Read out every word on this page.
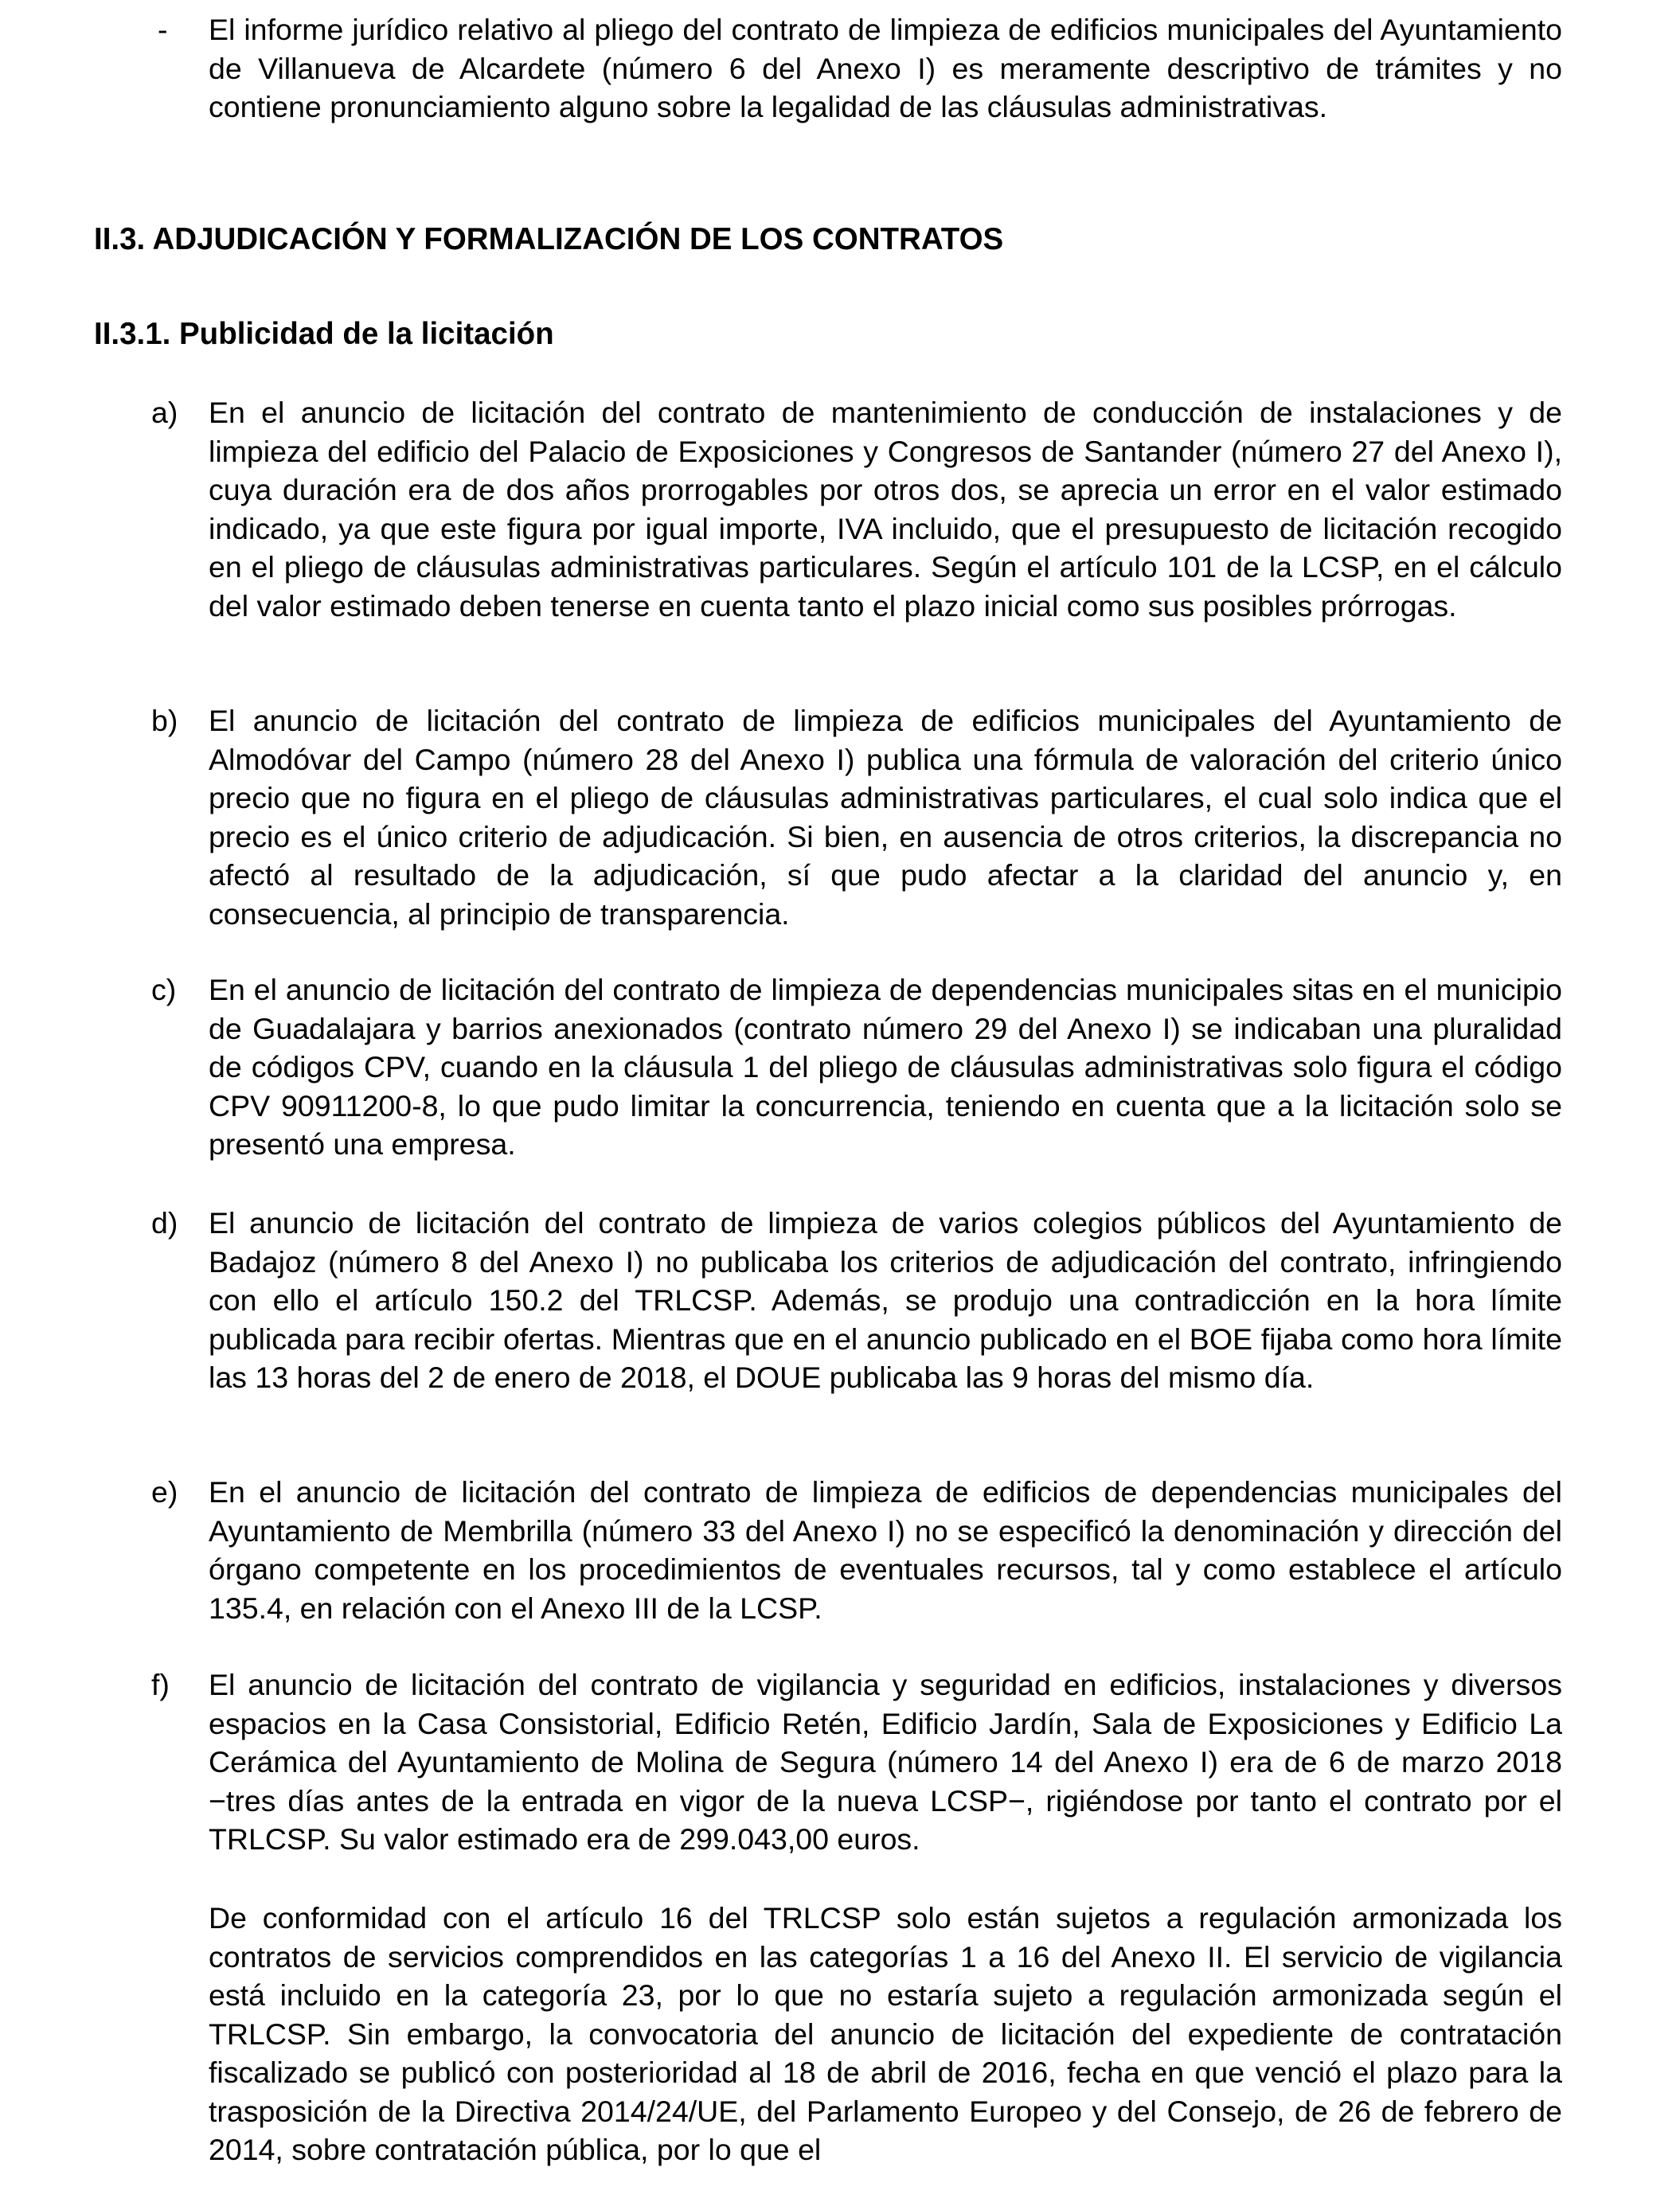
-	El informe jurídico relativo al pliego del contrato de limpieza de edificios municipales del Ayuntamiento de Villanueva de Alcardete (número 6 del Anexo I) es meramente descriptivo de trámites y no contiene pronunciamiento alguno sobre la legalidad de las cláusulas administrativas.
II.3. ADJUDICACIÓN Y FORMALIZACIÓN DE LOS CONTRATOS
II.3.1. Publicidad de la licitación
a)	En el anuncio de licitación del contrato de mantenimiento de conducción de instalaciones y de limpieza del edificio del Palacio de Exposiciones y Congresos de Santander (número 27 del Anexo I), cuya duración era de dos años prorrogables por otros dos, se aprecia un error en el valor estimado indicado, ya que este figura por igual importe, IVA incluido, que el presupuesto de licitación recogido en el pliego de cláusulas administrativas particulares. Según el artículo 101 de la LCSP, en el cálculo del valor estimado deben tenerse en cuenta tanto el plazo inicial como sus posibles prórrogas.
b)	El anuncio de licitación del contrato de limpieza de edificios municipales del Ayuntamiento de Almodóvar del Campo (número 28 del Anexo I) publica una fórmula de valoración del criterio único precio que no figura en el pliego de cláusulas administrativas particulares, el cual solo indica que el precio es el único criterio de adjudicación. Si bien, en ausencia de otros criterios, la discrepancia no afectó al resultado de la adjudicación, sí que pudo afectar a la claridad del anuncio y, en consecuencia, al principio de transparencia.
c)	En el anuncio de licitación del contrato de limpieza de dependencias municipales sitas en el municipio de Guadalajara y barrios anexionados (contrato número 29 del Anexo I) se indicaban una pluralidad de códigos CPV, cuando en la cláusula 1 del pliego de cláusulas administrativas solo figura el código CPV 90911200-8, lo que pudo limitar la concurrencia, teniendo en cuenta que a la licitación solo se presentó una empresa.
d)	El anuncio de licitación del contrato de limpieza de varios colegios públicos del Ayuntamiento de Badajoz (número 8 del Anexo I) no publicaba los criterios de adjudicación del contrato, infringiendo con ello el artículo 150.2 del TRLCSP. Además, se produjo una contradicción en la hora límite publicada para recibir ofertas. Mientras que en el anuncio publicado en el BOE fijaba como hora límite las 13 horas del 2 de enero de 2018, el DOUE publicaba las 9 horas del mismo día.
e)	En el anuncio de licitación del contrato de limpieza de edificios de dependencias municipales del Ayuntamiento de Membrilla (número 33 del Anexo I) no se especificó la denominación y dirección del órgano competente en los procedimientos de eventuales recursos, tal y como establece el artículo 135.4, en relación con el Anexo III de la LCSP.
f)	El anuncio de licitación del contrato de vigilancia y seguridad en edificios, instalaciones y diversos espacios en la Casa Consistorial, Edificio Retén, Edificio Jardín, Sala de Exposiciones y Edificio La Cerámica del Ayuntamiento de Molina de Segura (número 14 del Anexo I) era de 6 de marzo 2018 −tres días antes de la entrada en vigor de la nueva LCSP−, rigiéndose por tanto el contrato por el TRLCSP. Su valor estimado era de 299.043,00 euros.
De conformidad con el artículo 16 del TRLCSP solo están sujetos a regulación armonizada los contratos de servicios comprendidos en las categorías 1 a 16 del Anexo II. El servicio de vigilancia está incluido en la categoría 23, por lo que no estaría sujeto a regulación armonizada según el TRLCSP. Sin embargo, la convocatoria del anuncio de licitación del expediente de contratación fiscalizado se publicó con posterioridad al 18 de abril de 2016, fecha en que venció el plazo para la trasposición de la Directiva 2014/24/UE, del Parlamento Europeo y del Consejo, de 26 de febrero de 2014, sobre contratación pública, por lo que el
